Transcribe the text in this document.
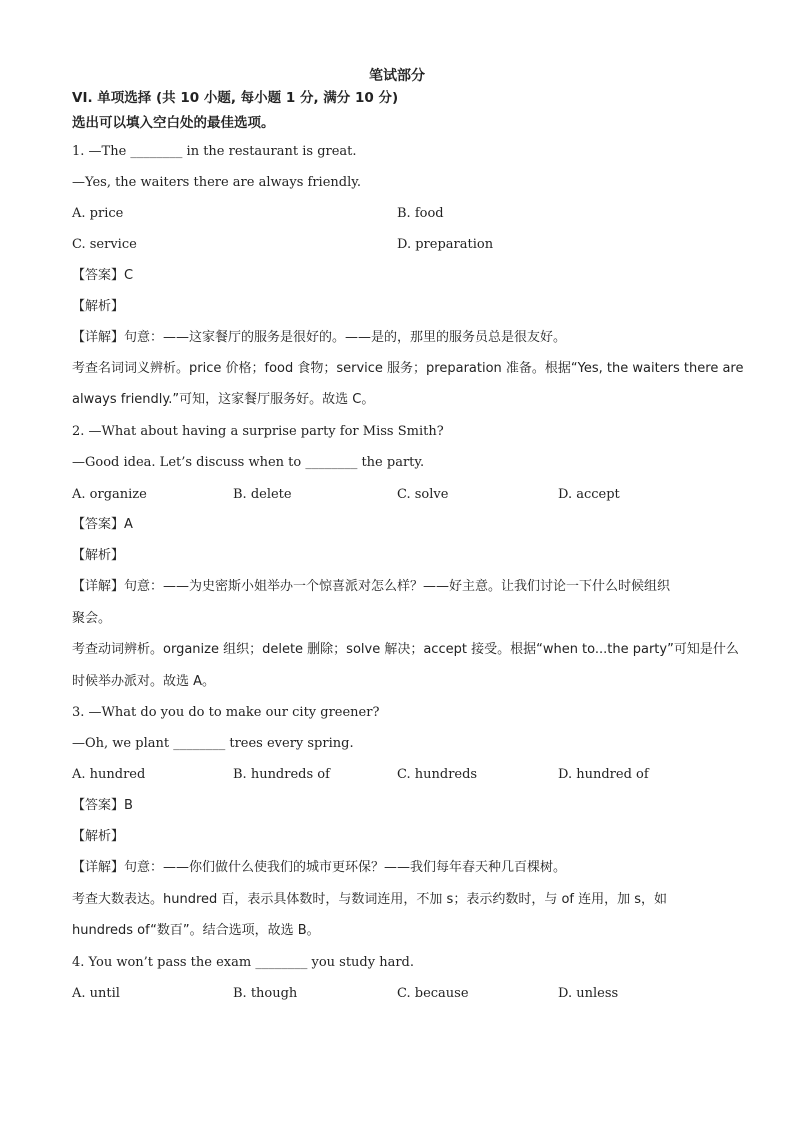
笔试部分
VI. 单项选择 (共 10 小题, 每小题 1 分, 满分 10 分)
选出可以填入空白处的最佳选项。
1. —The ________ in the restaurant is great.
—Yes, the waiters there are always friendly.
A. price	B. food
C. service	D. preparation
【答案】C
【解析】
【详解】句意：——这家餐厅的服务是很好的。——是的，那里的服务员总是很友好。
考查名词词义辨析。price 价格；food 食物；service 服务；preparation 准备。根据“Yes, the waiters there are
always friendly.”可知，这家餐厅服务好。故选 C。
2. —What about having a surprise party for Miss Smith?
—Good idea. Let’s discuss when to ________ the party.
A. organize	B. delete	C. solve	D. accept
【答案】A
【解析】
【详解】句意：——为史密斯小姐举办一个惊喜派对怎么样？——好主意。让我们讨论一下什么时候组织
聚会。
考查动词辨析。organize 组织；delete 删除；solve 解决；accept 接受。根据“when to...the party”可知是什么
时候举办派对。故选 A。
3. —What do you do to make our city greener?
—Oh, we plant ________ trees every spring.
A. hundred	B. hundreds of	C. hundreds	D. hundred of
【答案】B
【解析】
【详解】句意：——你们做什么使我们的城市更环保？——我们每年春天种几百棵树。
考查大数表达。hundred 百，表示具体数时，与数词连用，不加 s；表示约数时，与 of 连用，加 s，如
hundreds of“数百”。结合选项，故选 B。
4. You won’t pass the exam ________ you study hard.
A. until	B. though	C. because	D. unless
